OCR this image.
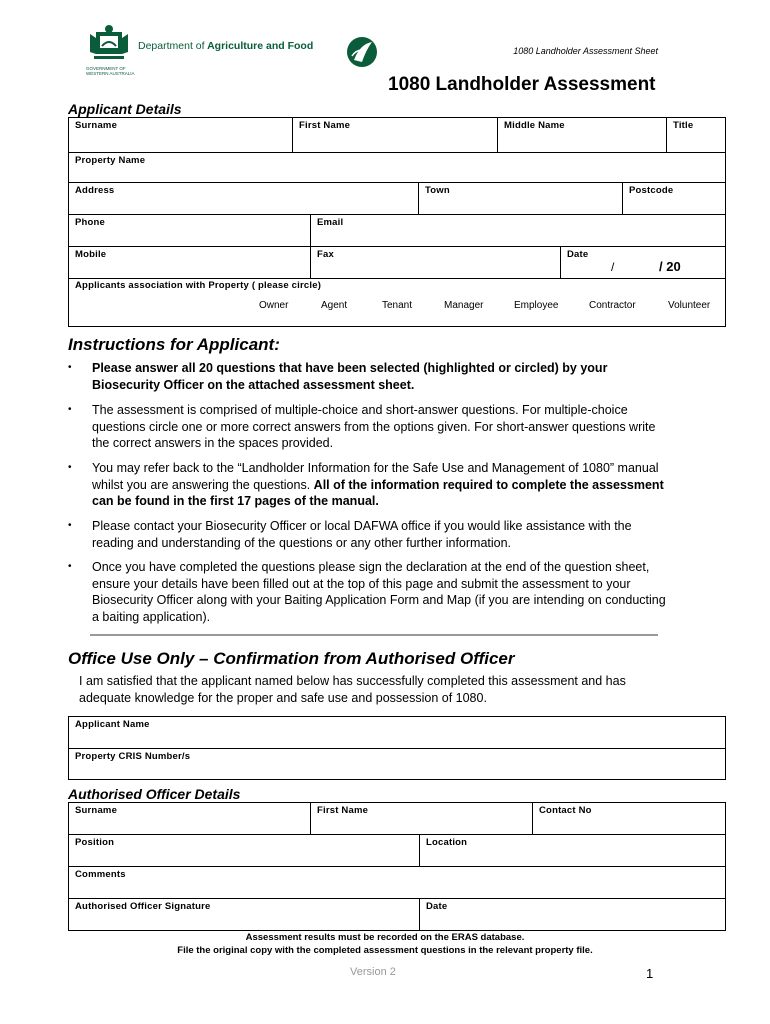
Department of Agriculture and Food
GOVERNMENT OF WESTERN AUSTRALIA
1080 Landholder Assessment Sheet
1080 Landholder Assessment
Applicant Details
Surname	First Name	Middle Name	Title
Property Name
Address	Town	Postcode
Phone	Email
Mobile	Fax	Date
/	/ 20
Applicants association with Property ( please circle)
Owner	Agent	Tenant	Manager	Employee	Contractor	Volunteer
Instructions for Applicant:
• Please answer all 20 questions that have been selected (highlighted or circled) by your Biosecurity Officer on the attached assessment sheet.
• The assessment is comprised of multiple-choice and short-answer questions. For multiple-choice questions circle one or more correct answers from the options given. For short-answer questions write the correct answers in the spaces provided.
• You may refer back to the “Landholder Information for the Safe Use and Management of 1080” manual whilst you are answering the questions. All of the information required to complete the assessment can be found in the first 17 pages of the manual.
• Please contact your Biosecurity Officer or local DAFWA office if you would like assistance with the reading and understanding of the questions or any other further information.
• Once you have completed the questions please sign the declaration at the end of the question sheet, ensure your details have been filled out at the top of this page and submit the assessment to your Biosecurity Officer along with your Baiting Application Form and Map (if you are intending on conducting a baiting application).
Office Use Only – Confirmation from Authorised Officer
I am satisfied that the applicant named below has successfully completed this assessment and has adequate knowledge for the proper and safe use and possession of 1080.
Applicant Name
Property CRIS Number/s
Authorised Officer Details
Surname	First Name	Contact No
Position	Location
Comments
Authorised Officer Signature	Date
Assessment results must be recorded on the ERAS database.
File the original copy with the completed assessment questions in the relevant property file.
Version 2	1
